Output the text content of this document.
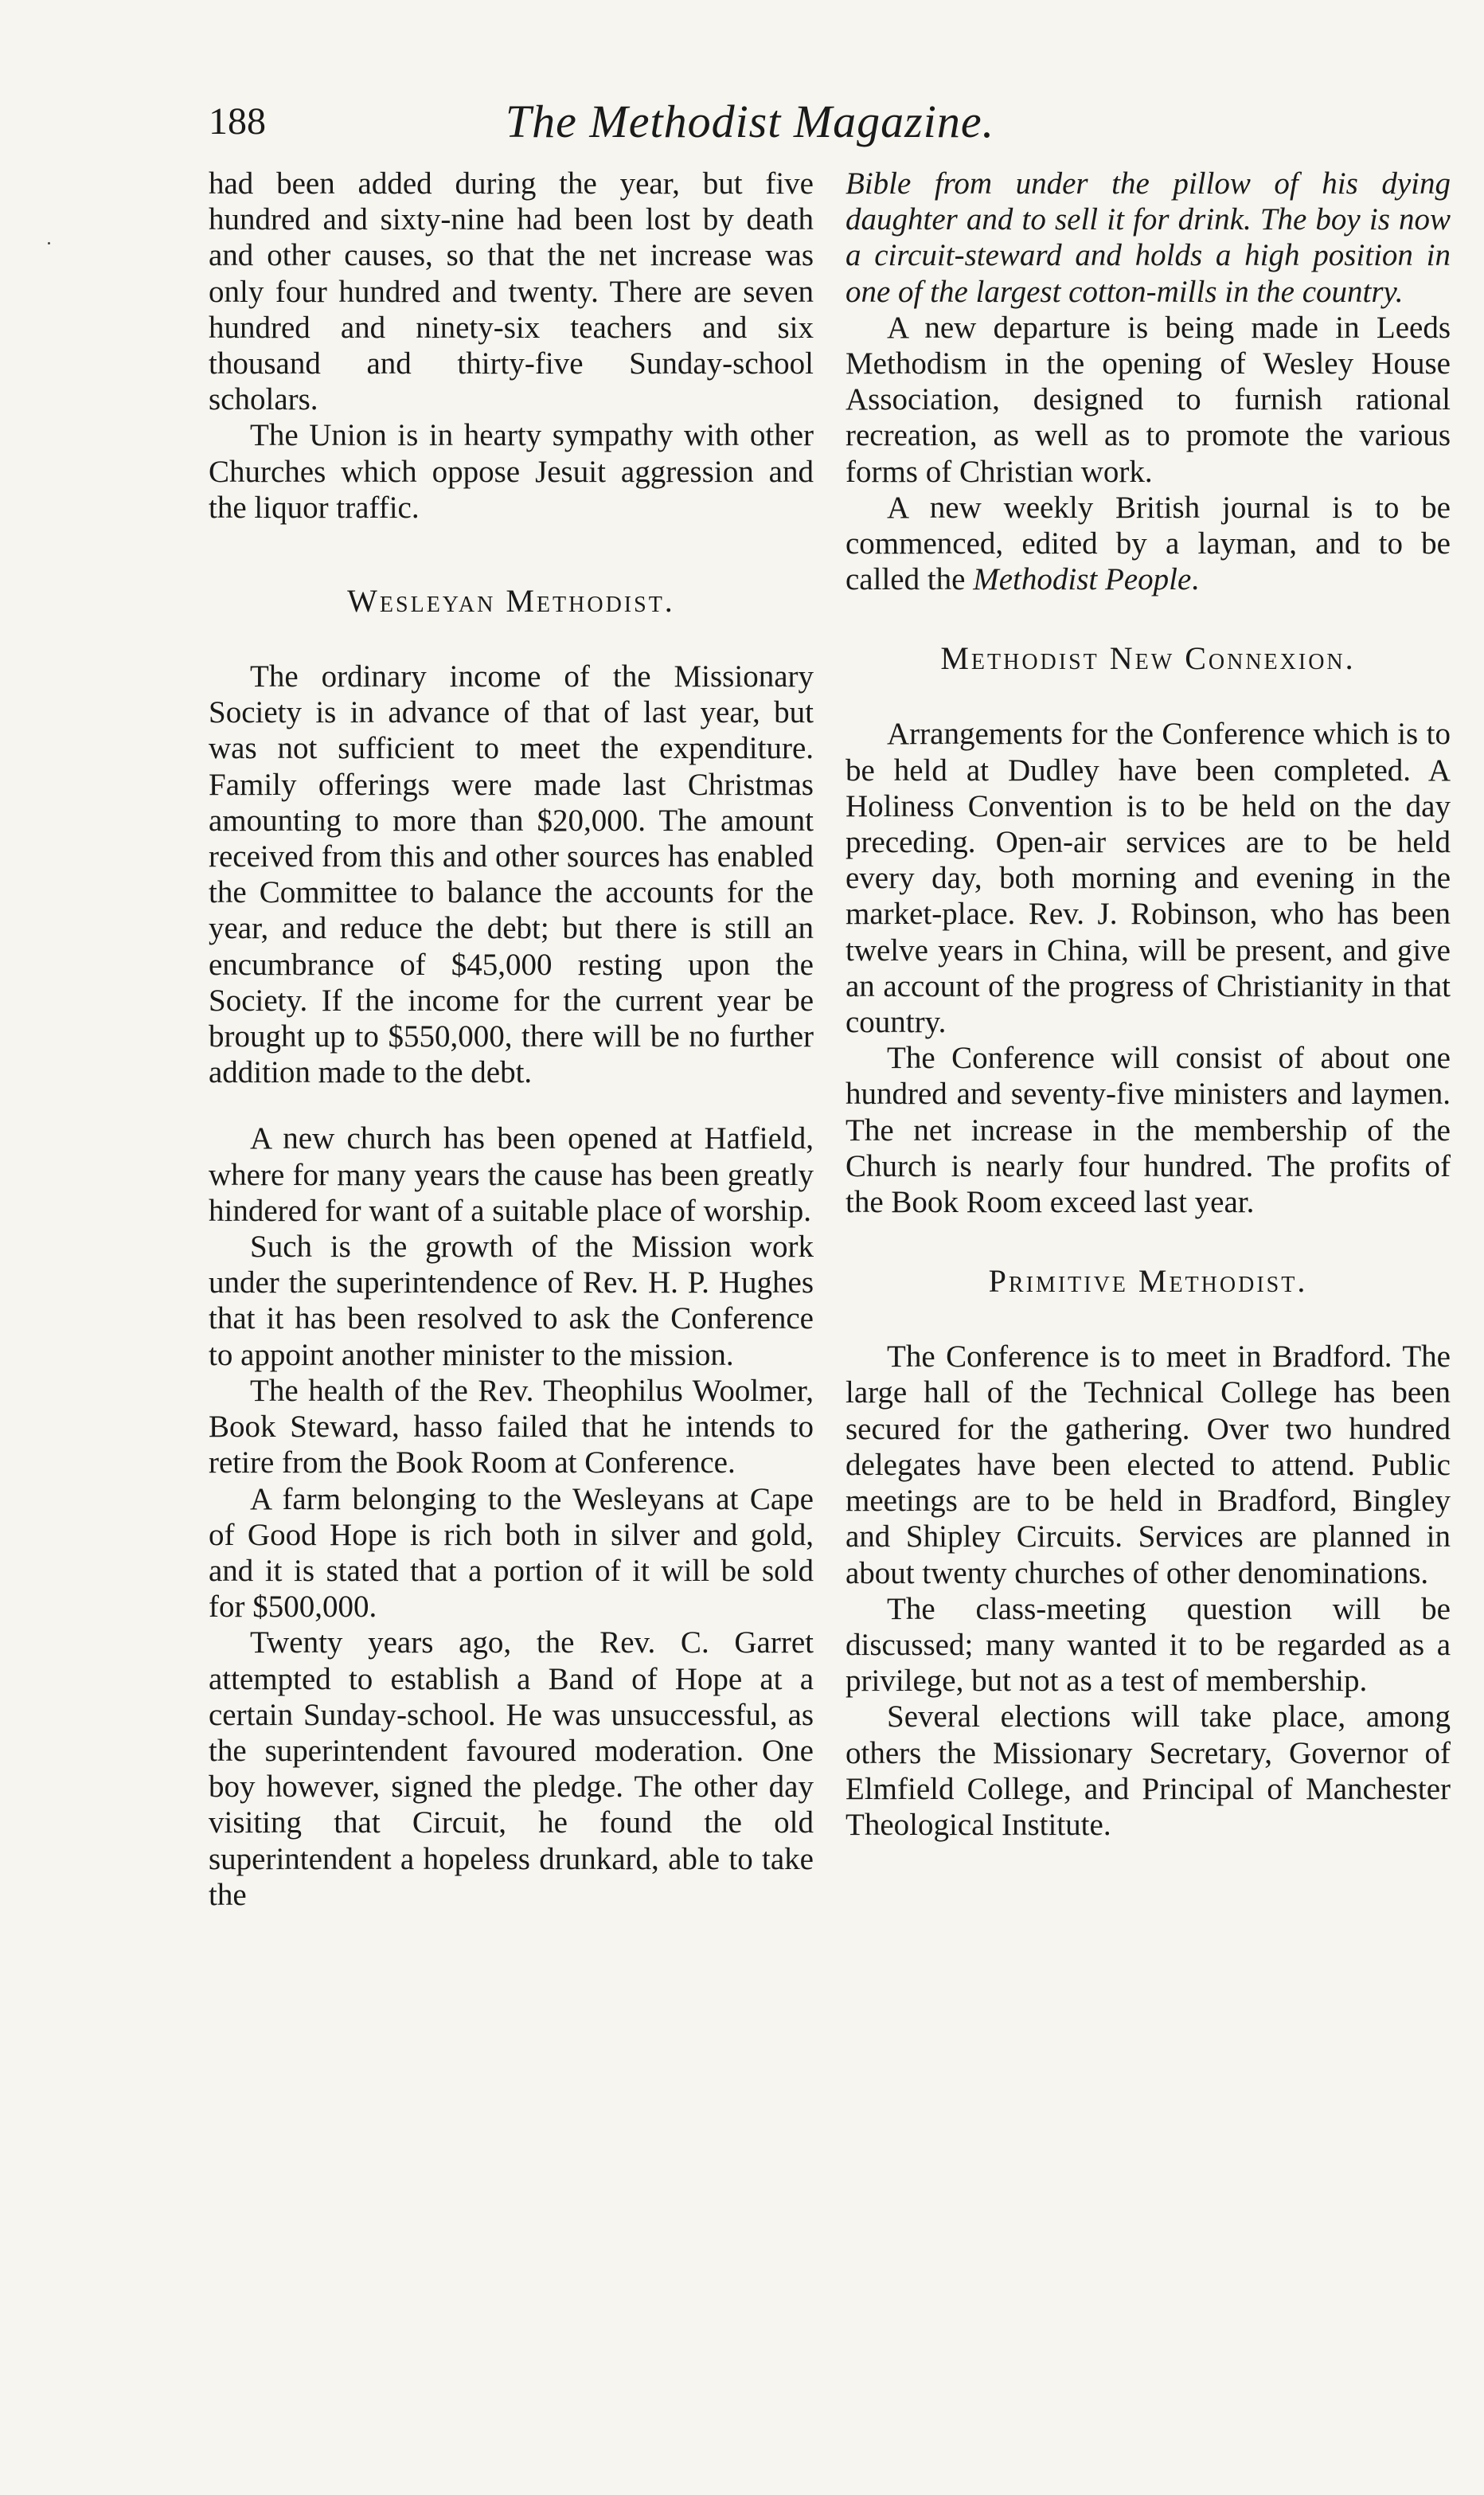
188	The Methodist Magazine.

had been added during the year, but five hundred and sixty-nine had been lost by death and other causes, so that the net increase was only four hundred and twenty. There are seven hundred and ninety-six teachers and six thousand and thirty-five Sunday-school scholars.

The Union is in hearty sympathy with other Churches which oppose Jesuit aggression and the liquor traffic.

Wesleyan Methodist.

The ordinary income of the Missionary Society is in advance of that of last year, but was not sufficient to meet the expenditure. Family offerings were made last Christmas amounting to more than $20,000. The amount received from this and other sources has enabled the Committee to balance the accounts for the year, and reduce the debt; but there is still an encumbrance of $45,000 resting upon the Society. If the income for the current year be brought up to $550,000, there will be no further addition made to the debt.

A new church has been opened at Hatfield, where for many years the cause has been greatly hindered for want of a suitable place of worship.

Such is the growth of the Mission work under the superintendence of Rev. H. P. Hughes that it has been resolved to ask the Conference to appoint another minister to the mission.

The health of the Rev. Theophilus Woolmer, Book Steward, hasso failed that he intends to retire from the Book Room at Conference.

A farm belonging to the Wesleyans at Cape of Good Hope is rich both in silver and gold, and it is stated that a portion of it will be sold for $500,000.

Twenty years ago, the Rev. C. Garret attempted to establish a Band of Hope at a certain Sunday-school. He was unsuccessful, as the superintendent favoured moderation. One boy however, signed the pledge. The other day visiting that Circuit, he found the old superintendent a hopeless drunkard, able to take the

Bible from under the pillow of his dying daughter and to sell it for drink. The boy is now a circuit-steward and holds a high position in one of the largest cotton-mills in the country.

A new departure is being made in Leeds Methodism in the opening of Wesley House Association, designed to furnish rational recreation, as well as to promote the various forms of Christian work.

A new weekly British journal is to be commenced, edited by a layman, and to be called the Methodist People.

Methodist New Connexion.

Arrangements for the Conference which is to be held at Dudley have been completed. A Holiness Convention is to be held on the day preceding. Open-air services are to be held every day, both morning and evening in the market-place. Rev. J. Robinson, who has been twelve years in China, will be present, and give an account of the progress of Christianity in that country.

The Conference will consist of about one hundred and seventy-five ministers and laymen. The net increase in the membership of the Church is nearly four hundred. The profits of the Book Room exceed last year.

Primitive Methodist.

The Conference is to meet in Bradford. The large hall of the Technical College has been secured for the gathering. Over two hundred delegates have been elected to attend. Public meetings are to be held in Bradford, Bingley and Shipley Circuits. Services are planned in about twenty churches of other denominations.

The class-meeting question will be discussed; many wanted it to be regarded as a privilege, but not as a test of membership.

Several elections will take place, among others the Missionary Secretary, Governor of Elmfield College, and Principal of Manchester Theological Institute.
